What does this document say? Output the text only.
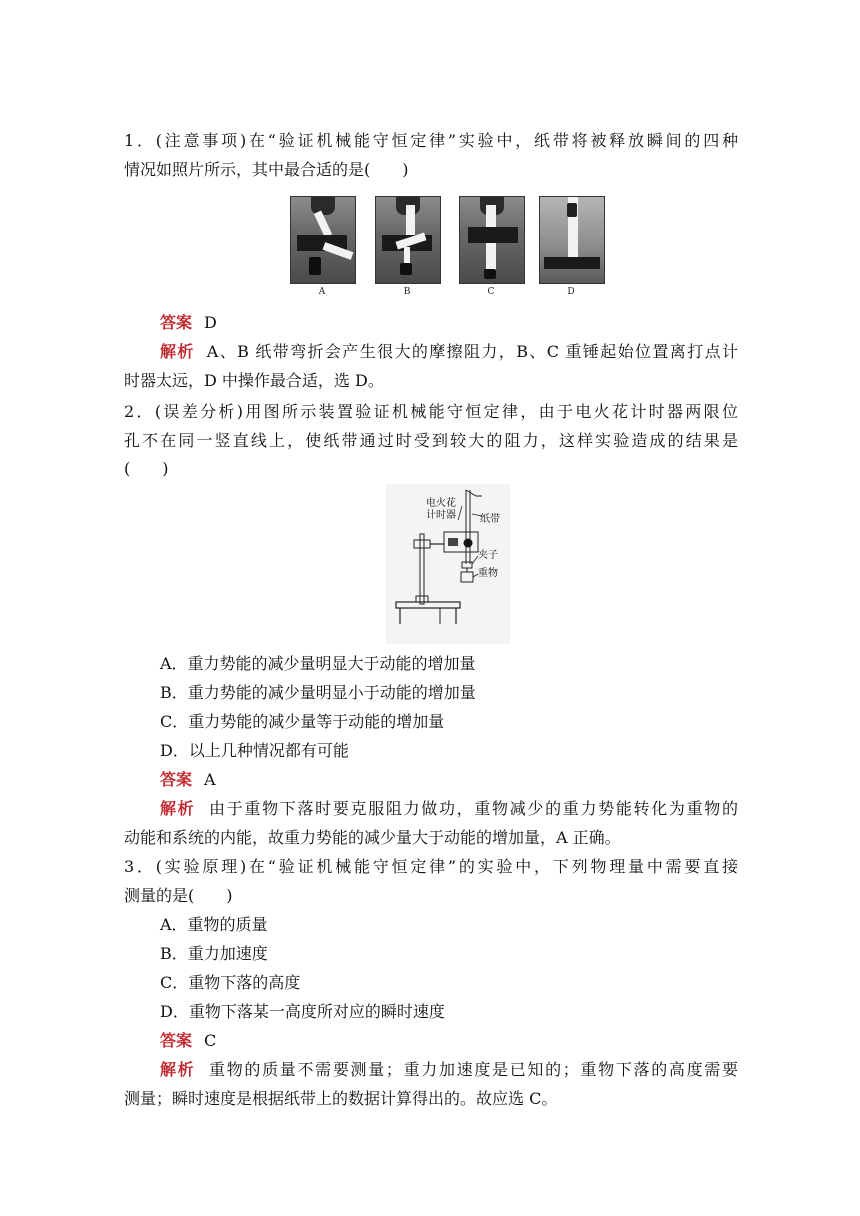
1．(注意事项)在“验证机械能守恒定律”实验中，纸带将被释放瞬间的四种
情况如照片所示，其中最合适的是(　　)
A	B	C	D
答案 D
解析 A、B 纸带弯折会产生很大的摩擦阻力，B、C 重锤起始位置离打点计
时器太远，D 中操作最合适，选 D。
2．(误差分析)用图所示装置验证机械能守恒定律，由于电火花计时器两限位
孔不在同一竖直线上，使纸带通过时受到较大的阻力，这样实验造成的结果是
(　　)
电火花
计时器 纸带
夹子
重物
A．重力势能的减少量明显大于动能的增加量
B．重力势能的减少量明显小于动能的增加量
C．重力势能的减少量等于动能的增加量
D．以上几种情况都有可能
答案 A
解析 由于重物下落时要克服阻力做功，重物减少的重力势能转化为重物的
动能和系统的内能，故重力势能的减少量大于动能的增加量，A 正确。
3．(实验原理)在“验证机械能守恒定律”的实验中，下列物理量中需要直接
测量的是(　　)
A．重物的质量
B．重力加速度
C．重物下落的高度
D．重物下落某一高度所对应的瞬时速度
答案 C
解析 重物的质量不需要测量；重力加速度是已知的；重物下落的高度需要
测量；瞬时速度是根据纸带上的数据计算得出的。故应选 C。
